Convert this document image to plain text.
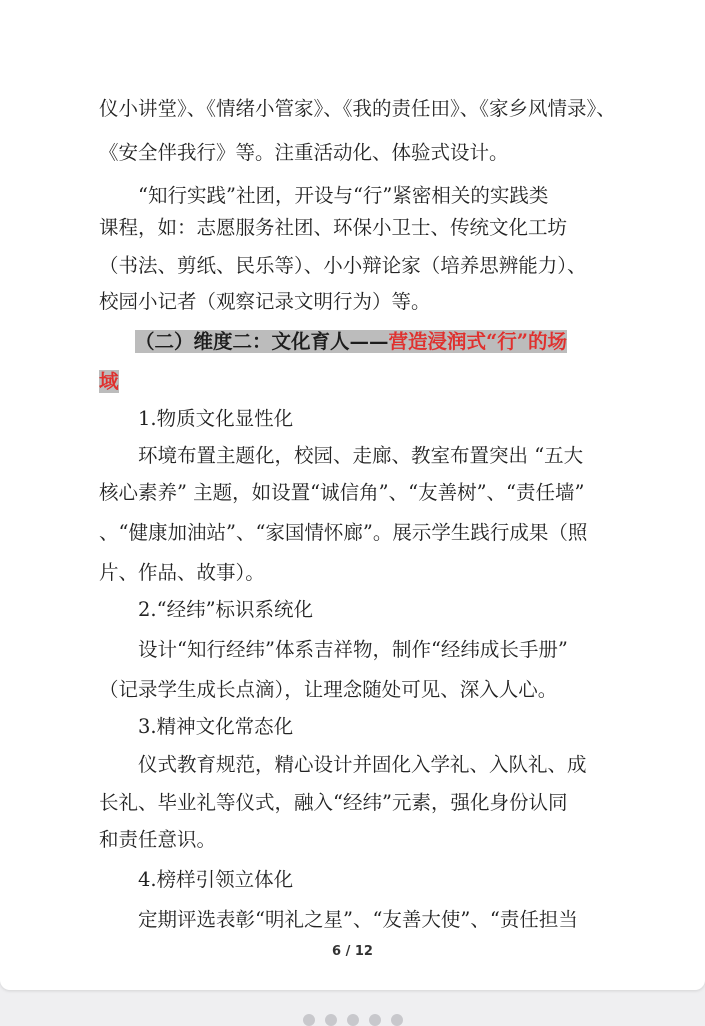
仪小讲堂》、《情绪小管家》、《我的责任田》、《家乡风情录》、
《安全伴我行》等。注重活动化、体验式设计。
“知行实践”社团，开设与“行”紧密相关的实践类
课程，如：志愿服务社团、环保小卫士、传统文化工坊
（书法、剪纸、民乐等）、小小辩论家（培养思辨能力）、
校园小记者（观察记录文明行为）等。
（二）维度二：文化育人——营造浸润式“行”的场
域
1.物质文化显性化
环境布置主题化，校园、走廊、教室布置突出 “五大
核心素养” 主题，如设置“诚信角”、“友善树”、“责任墙”
、“健康加油站”、“家国情怀廊”。展示学生践行成果（照
片、作品、故事）。
2.“经纬”标识系统化
设计“知行经纬”体系吉祥物，制作“经纬成长手册”
（记录学生成长点滴），让理念随处可见、深入人心。
3.精神文化常态化
仪式教育规范，精心设计并固化入学礼、入队礼、成
长礼、毕业礼等仪式，融入“经纬”元素，强化身份认同
和责任意识。
4.榜样引领立体化
定期评选表彰“明礼之星”、“友善大使”、“责任担当
6 / 12
